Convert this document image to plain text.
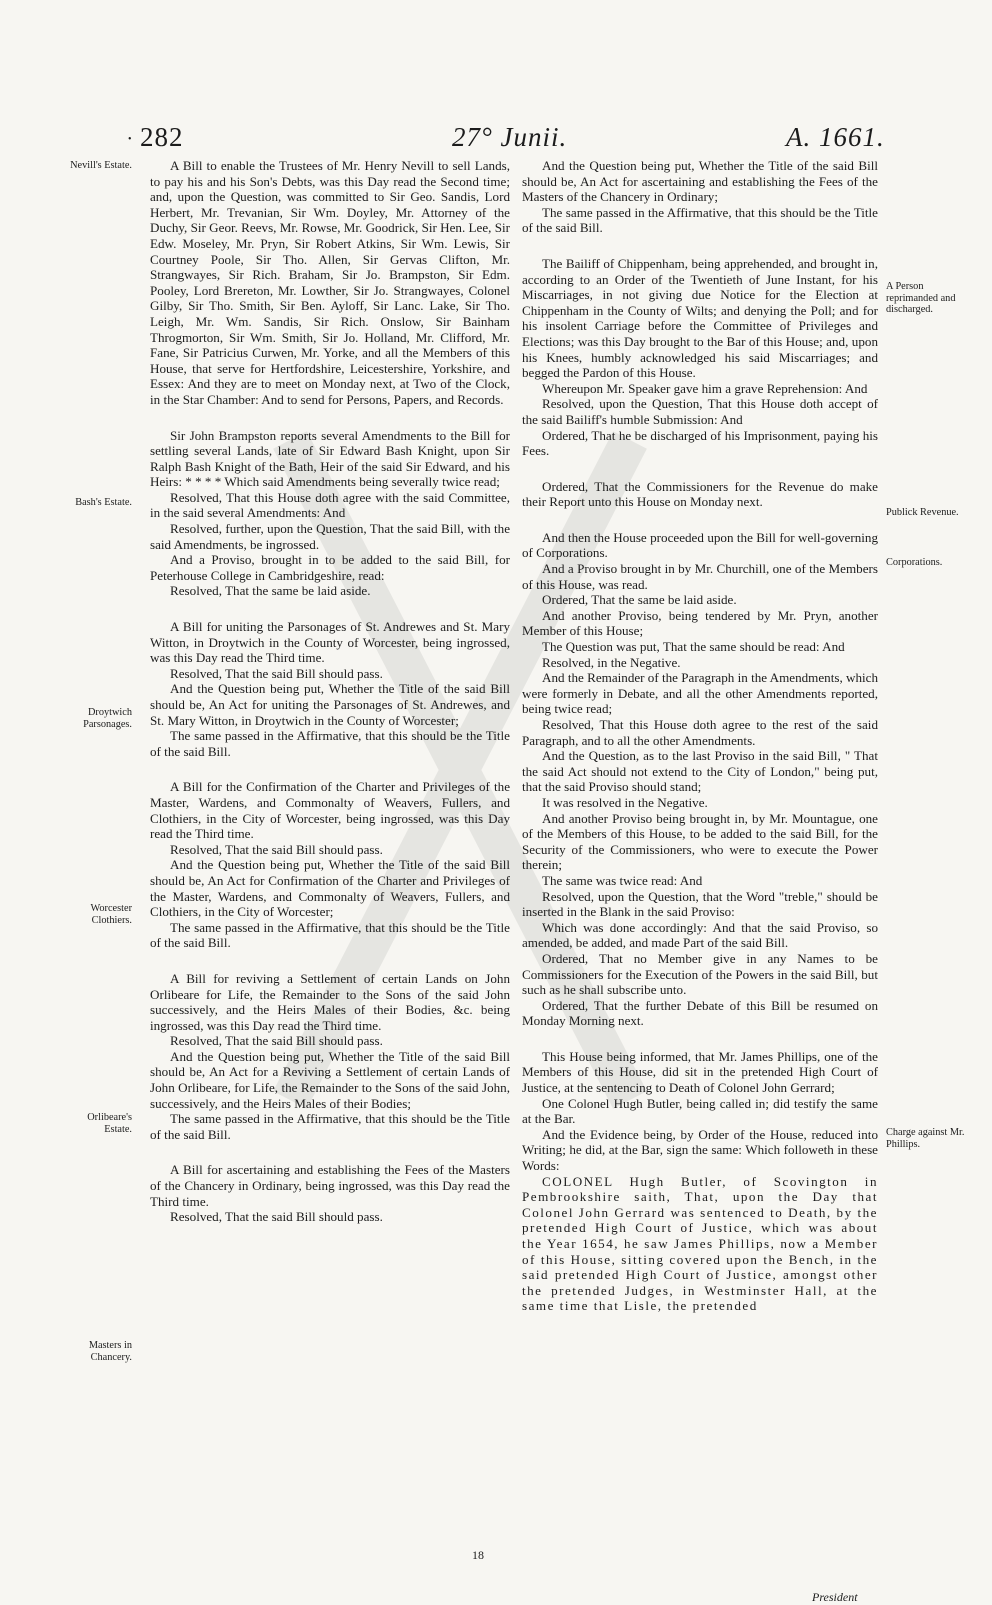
• 282	27° Junii.	A. 1661.
Nevill's Estate.
Bash's Estate.
Droytwich Parsonages.
Worcester Clothiers.
Orlibeare's Estate.
Masters in Chancery.
A Person reprimanded and discharged.
Publick Revenue.
Corporations.
Charge against Mr. Phillips.

A Bill to enable the Trustees of Mr. Henry Nevill to sell Lands, to pay his and his Son's Debts, was this Day read the Second time; and, upon the Question, was committed to Sir Geo. Sandis, Lord Herbert, Mr. Trevanian, Sir Wm. Doyley, Mr. Attorney of the Duchy, Sir Geor. Reevs, Mr. Rowse, Mr. Goodrick, Sir Hen. Lee, Sir Edw. Moseley, Mr. Pryn, Sir Robert Atkins, Sir Wm. Lewis, Sir Courtney Poole, Sir Tho. Allen, Sir Gervas Clifton, Mr. Strangwayes, Sir Rich. Braham, Sir Jo. Brampston, Sir Edm. Pooley, Lord Brereton, Mr. Lowther, Sir Jo. Strangwayes, Colonel Gilby, Sir Tho. Smith, Sir Ben. Ayloff, Sir Lanc. Lake, Sir Tho. Leigh, Mr. Wm. Sandis, Sir Rich. Onslow, Sir Bainham Throgmorton, Sir Wm. Smith, Sir Jo. Holland, Mr. Clifford, Mr. Fane, Sir Patricius Curwen, Mr. Yorke, and all the Members of this House, that serve for Hertfordshire, Leicestershire, Yorkshire, and Essex: And they are to meet on Monday next, at Two of the Clock, in the Star Chamber: And to send for Persons, Papers, and Records.

Sir John Brampston reports several Amendments to the Bill for settling several Lands, late of Sir Edward Bash Knight, upon Sir Ralph Bash Knight of the Bath, Heir of the said Sir Edward, and his Heirs: * * * * Which said Amendments being severally twice read;

Resolved, That this House doth agree with the said Committee, in the said several Amendments: And

Resolved, further, upon the Question, That the said Bill, with the said Amendments, be ingrossed.

And a Proviso, brought in to be added to the said Bill, for Peterhouse College in Cambridgeshire, read:

Resolved, That the same be laid aside.

A Bill for uniting the Parsonages of St. Andrewes and St. Mary Witton, in Droytwich in the County of Worcester, being ingrossed, was this Day read the Third time.

Resolved, That the said Bill should pass.

And the Question being put, Whether the Title of the said Bill should be, An Act for uniting the Parsonages of St. Andrewes, and St. Mary Witton, in Droytwich in the County of Worcester;

The same passed in the Affirmative, that this should be the Title of the said Bill.

A Bill for the Confirmation of the Charter and Privileges of the Master, Wardens, and Commonalty of Weavers, Fullers, and Clothiers, in the City of Worcester, being ingrossed, was this Day read the Third time.

Resolved, That the said Bill should pass.

And the Question being put, Whether the Title of the said Bill should be, An Act for Confirmation of the Charter and Privileges of the Master, Wardens, and Commonalty of Weavers, Fullers, and Clothiers, in the City of Worcester;

The same passed in the Affirmative, that this should be the Title of the said Bill.

A Bill for reviving a Settlement of certain Lands on John Orlibeare for Life, the Remainder to the Sons of the said John successively, and the Heirs Males of their Bodies, &c. being ingrossed, was this Day read the Third time.

Resolved, That the said Bill should pass.

And the Question being put, Whether the Title of the said Bill should be, An Act for a Reviving a Settlement of certain Lands of John Orlibeare, for Life, the Remainder to the Sons of the said John, successively, and the Heirs Males of their Bodies;

The same passed in the Affirmative, that this should be the Title of the said Bill.

A Bill for ascertaining and establishing the Fees of the Masters of the Chancery in Ordinary, being ingrossed, was this Day read the Third time.

Resolved, That the said Bill should pass.

And the Question being put, Whether the Title of the said Bill should be, An Act for ascertaining and establishing the Fees of the Masters of the Chancery in Ordinary;

The same passed in the Affirmative, that this should be the Title of the said Bill.

The Bailiff of Chippenham, being apprehended, and brought in, according to an Order of the Twentieth of June Instant, for his Miscarriages, in not giving due Notice for the Election at Chippenham in the County of Wilts; and denying the Poll; and for his insolent Carriage before the Committee of Privileges and Elections; was this Day brought to the Bar of this House; and, upon his Knees, humbly acknowledged his said Miscarriages; and begged the Pardon of this House.

Whereupon Mr. Speaker gave him a grave Reprehension: And

Resolved, upon the Question, That this House doth accept of the said Bailiff's humble Submission: And

Ordered, That he be discharged of his Imprisonment, paying his Fees.

Ordered, That the Commissioners for the Revenue do make their Report unto this House on Monday next.

And then the House proceeded upon the Bill for well-governing of Corporations.

And a Proviso brought in by Mr. Churchill, one of the Members of this House, was read.

Ordered, That the same be laid aside.

And another Proviso, being tendered by Mr. Pryn, another Member of this House;

The Question was put, That the same should be read: And

Resolved, in the Negative.

And the Remainder of the Paragraph in the Amendments, which were formerly in Debate, and all the other Amendments reported, being twice read;

Resolved, That this House doth agree to the rest of the said Paragraph, and to all the other Amendments.

And the Question, as to the last Proviso in the said Bill, " That the said Act should not extend to the City of London," being put, that the said Proviso should stand;

It was resolved in the Negative.

And another Proviso being brought in, by Mr. Mountague, one of the Members of this House, to be added to the said Bill, for the Security of the Commissioners, who were to execute the Power therein;

The same was twice read: And

Resolved, upon the Question, that the Word "treble," should be inserted in the Blank in the said Proviso:

Which was done accordingly: And that the said Proviso, so amended, be added, and made Part of the said Bill.

Ordered, That no Member give in any Names to be Commissioners for the Execution of the Powers in the said Bill, but such as he shall subscribe unto.

Ordered, That the further Debate of this Bill be resumed on Monday Morning next.

This House being informed, that Mr. James Phillips, one of the Members of this House, did sit in the pretended High Court of Justice, at the sentencing to Death of Colonel John Gerrard;

One Colonel Hugh Butler, being called in; did testify the same at the Bar.

And the Evidence being, by Order of the House, reduced into Writing; he did, at the Bar, sign the same: Which followeth in these Words:

COLONEL Hugh Butler, of Scovington in Pembrookshire saith, That, upon the Day that Colonel John Gerrard was sentenced to Death, by the pretended High Court of Justice, which was about the Year 1654, he saw James Phillips, now a Member of this House, sitting covered upon the Bench, in the said pretended High Court of Justice, amongst other the pretended Judges, in Westminster Hall, at the same time that Lisle, the pretended

18
President
